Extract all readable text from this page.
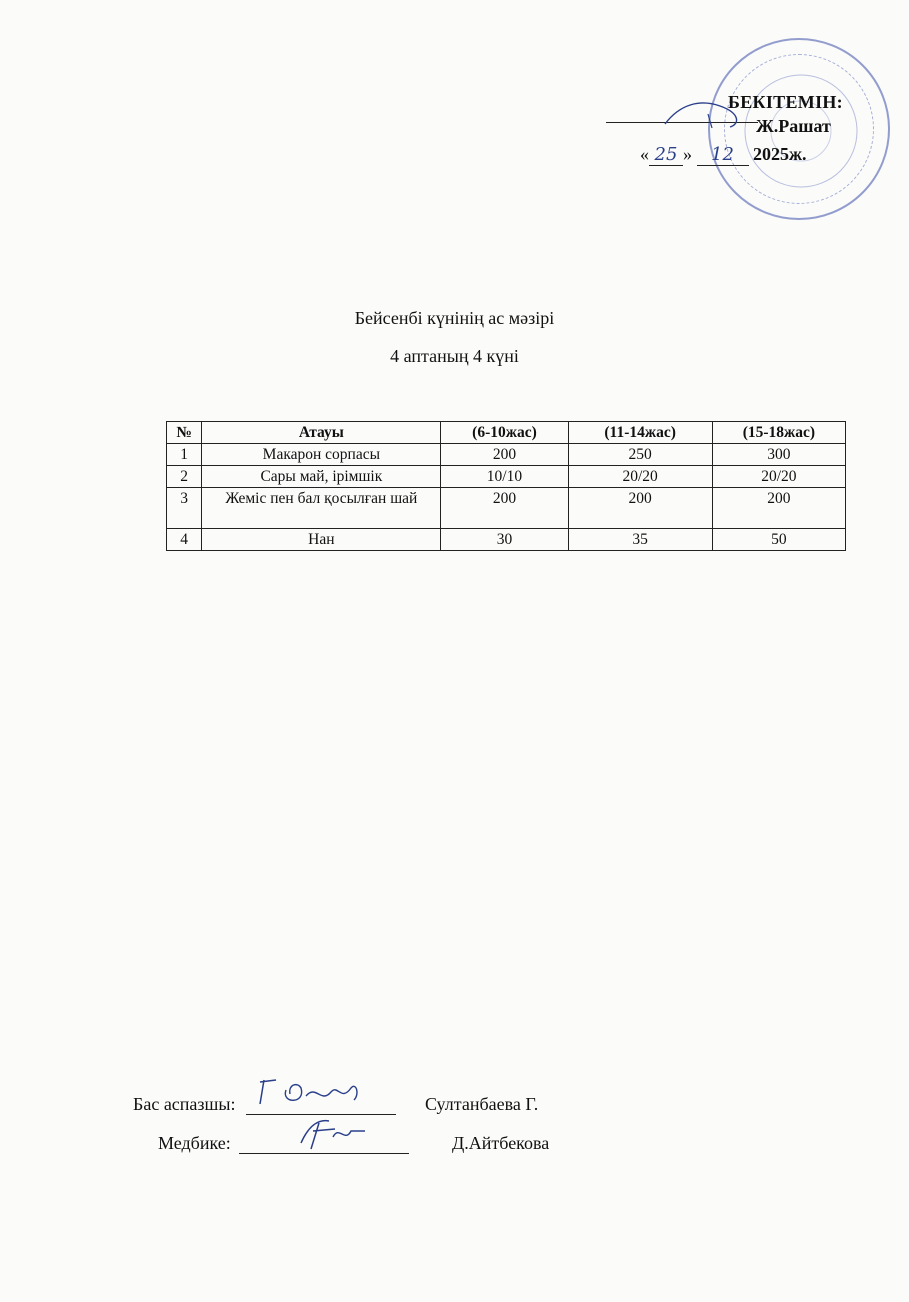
БЕКІТЕМІН:
Ж.Рашат
« 25 » 12 2025ж.
Бейсенбі күнінің ас мәзірі
4 аптаның 4 күні
№	Атауы	(6-10жас)	(11-14жас)	(15-18жас)
1	Макарон сорпасы	200	250	300
2	Сары май, ірімшік	10/10	20/20	20/20
3	Жеміс пен бал қосылған шай	200	200	200
4	Нан	30	35	50
Бас аспазшы:	Султанбаева Г.
Медбике:	Д.Айтбекова
